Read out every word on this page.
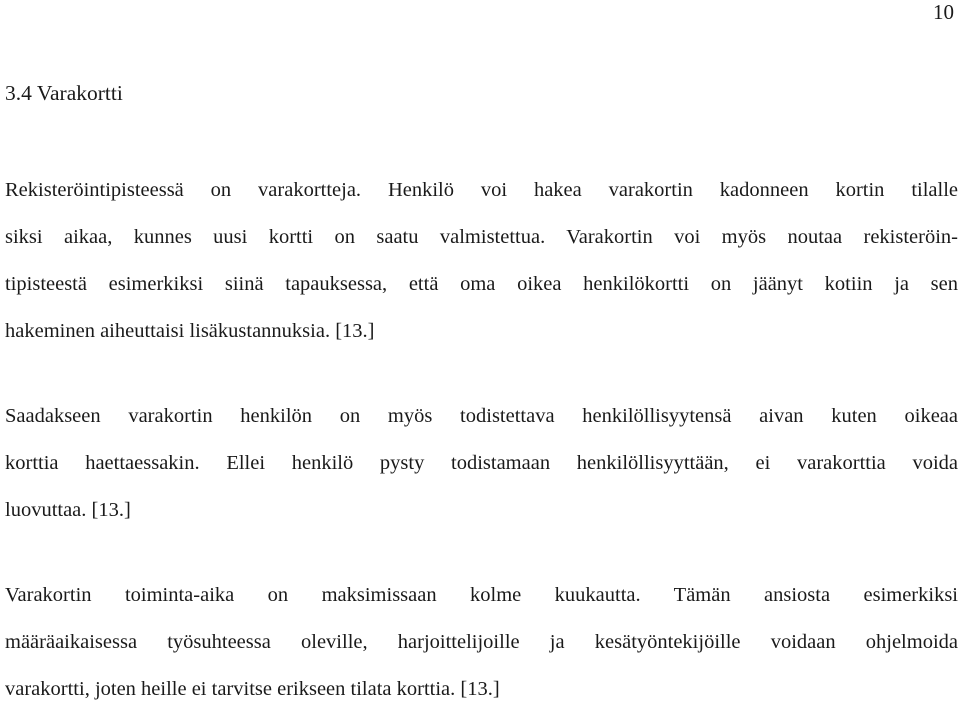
10
3.4 Varakortti

Rekisteröintipisteessä on varakortteja. Henkilö voi hakea varakortin kadonneen kortin tilalle
siksi aikaa, kunnes uusi kortti on saatu valmistettua. Varakortin voi myös noutaa rekisteröin-
tipisteestä esimerkiksi siinä tapauksessa, että oma oikea henkilökortti on jäänyt kotiin ja sen
hakeminen aiheuttaisi lisäkustannuksia. [13.]

Saadakseen varakortin henkilön on myös todistettava henkilöllisyytensä aivan kuten oikeaa
korttia haettaessakin. Ellei henkilö pysty todistamaan henkilöllisyyttään, ei varakorttia voida
luovuttaa. [13.]

Varakortin toiminta-aika on maksimissaan kolme kuukautta. Tämän ansiosta esimerkiksi
määräaikaisessa työsuhteessa oleville, harjoittelijoille ja kesätyöntekijöille voidaan ohjelmoida
varakortti, joten heille ei tarvitse erikseen tilata korttia. [13.]
